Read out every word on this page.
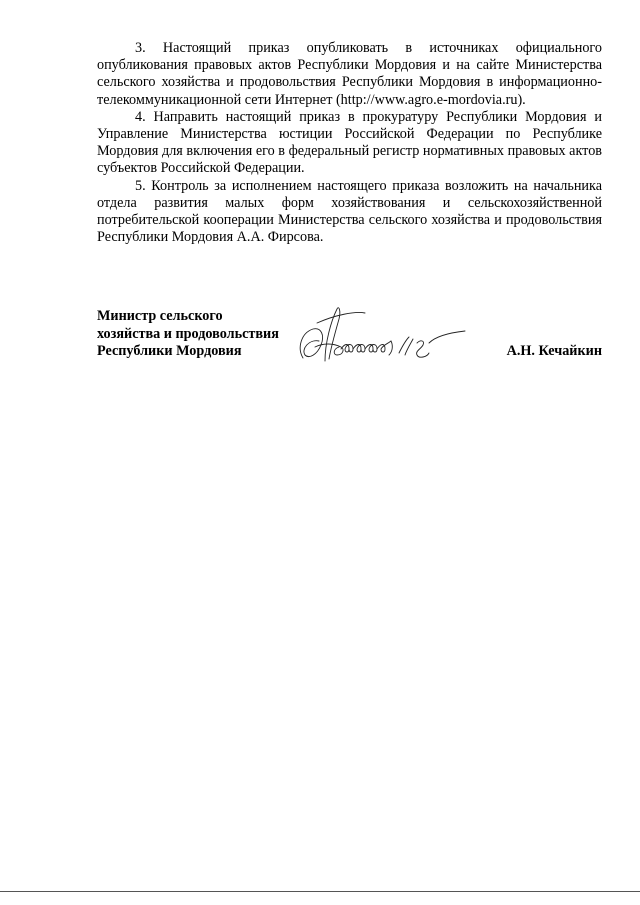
3. Настоящий приказ опубликовать в источниках официального опубликования правовых актов Республики Мордовия и на сайте Министерства сельского хозяйства и продовольствия Республики Мордовия в информационно-телекоммуникационной сети Интернет (http://www.agro.e-mordovia.ru).

4. Направить настоящий приказ в прокуратуру Республики Мордовия и Управление Министерства юстиции Российской Федерации по Республике Мордовия для включения его в федеральный регистр нормативных правовых актов субъектов Российской Федерации.

5. Контроль за исполнением настоящего приказа возложить на начальника отдела развития малых форм хозяйствования и сельскохозяйственной потребительской кооперации Министерства сельского хозяйства и продовольствия Республики Мордовия А.А. Фирсова.

Министр сельского
хозяйства и продовольствия
Республики Мордовия	А.Н. Кечайкин
